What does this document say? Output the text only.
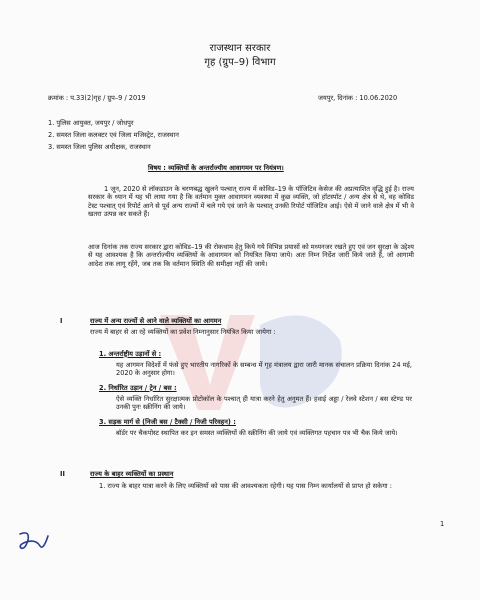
राजस्थान सरकार
गृह (ग्रुप–9) विभाग
क्रमांक : प.33(2)गृह / ग्रुप–9 / 2019	जयपुर, दिनांक : 10.06.2020
1. पुलिस आयुक्त, जयपुर / जोधपुर
2. समस्त जिला कलक्टर एवं जिला मजिस्ट्रेट, राजस्थान
3. समस्त जिला पुलिस अधीक्षक, राजस्थान
विषय : व्यक्तियों के अन्तर्राज्यीय आवागमन पर नियंत्रण।
1 जून, 2020 से लॉकडाउन के चरणबद्ध खुलने पश्चात् राज्य में कोविड–19 के पॉजिटिव केसेज की अप्रत्याशित वृद्धि हुई है। राज्य सरकार के ध्यान में यह भी लाया गया है कि वर्तमान मुक्त आवागमन व्यवस्था में कुछ व्यक्ति, जो हॉटस्पॉट / अन्य क्षेत्र से थे, वह कोविड टेस्ट पश्चात् एवं रिपोर्ट आने से पूर्व अन्य राज्यों में चले गये एवं जाने के पश्चात् उनकी रिपोर्ट पॉजिटिव आई। ऐसे में जाने वाले क्षेत्र में भी वे खतरा उत्पन्न कर सकते हैं।
आज दिनांक तक राज्य सरकार द्वारा कोविड–19 की रोकथाम हेतु किये गये विभिन्न प्रयासों को मध्यनजर रखते हुए एवं जन सुरक्षा के उद्देश्य से यह आवश्यक है कि अन्तर्राज्यीय व्यक्तियों के आवागमन को नियंत्रित किया जाये। अतः निम्न निर्देश जारी किये जाते हैं, जो आगामी आदेश तक लागू रहेंगे, जब तक कि वर्तमान स्थिति की समीक्षा नहीं की जाये।
I	राज्य में अन्य राज्यों से आने वाले व्यक्तियों का आगमन
राज्य में बाहर से आ रहे व्यक्तियों का प्रवेश निम्नानुसार नियंत्रित किया जायेगा :
1. अन्तर्राष्ट्रीय उड़ानों से :
यह आगमन विदेशों में फंसे हुए भारतीय नागरिकों के सम्बन्ध में गृह मंत्रालय द्वारा जारी मानक संचालन प्रक्रिया दिनांक 24 मई, 2020 के अनुसार होगा।
2. निर्धारित उड़ान / ट्रेन / बस :
ऐसे व्यक्ति निर्धारित सुरक्षात्मक प्रोटोकॉल के पश्चात् ही यात्रा करने हेतु अनुमत हैं। हवाई अड्डा / रेलवे स्टेशन / बस स्टेण्ड पर उनकी पुनः स्क्रीनिंग की जाये।
3. सड़क मार्ग से (निजी बस / टैक्सी / निजी परिवहन) :
बॉर्डर पर चैकपोस्ट स्थापित कर इन समस्त व्यक्तियों की स्क्रीनिंग की जाये एवं व्यक्तिगत पहचान पत्र भी चैक किये जाये।
II	राज्य के बाहर व्यक्तियों का प्रस्थान
1. राज्य के बाहर यात्रा करने के लिए व्यक्तियों को पास की आवश्यकता रहेगी। यह पास निम्न कार्यालयों से प्राप्त हो सकेगा :
1
